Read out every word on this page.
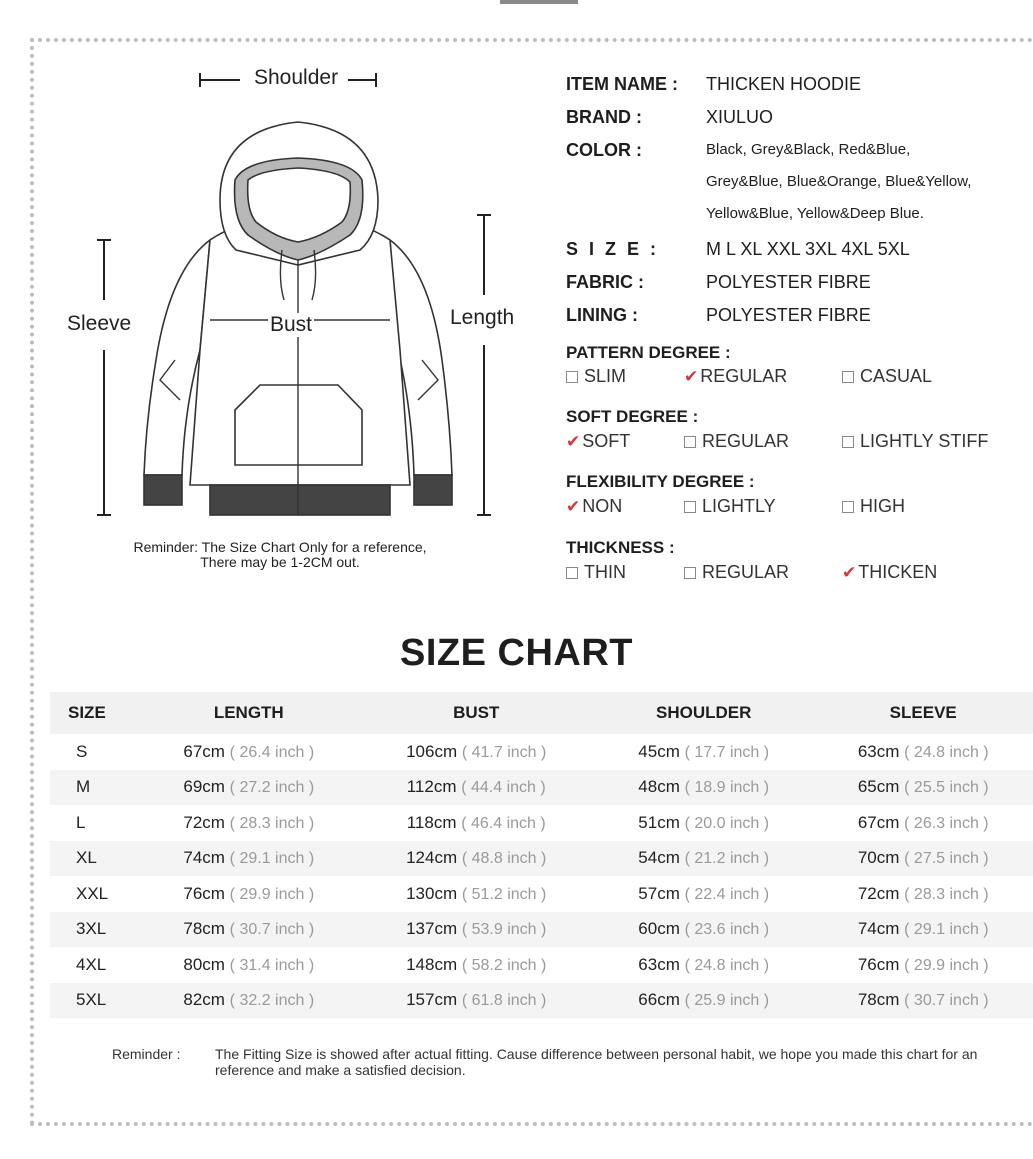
Shoulder
Sleeve	Bust	Length
Reminder: The Size Chart Only for a reference,
There may be 1-2CM out.
ITEM NAME : THICKEN HOODIE
BRAND :	XIULUO
COLOR :	Black, Grey&Black, Red&Blue,
Grey&Blue, Blue&Orange, Blue&Yellow,
Yellow&Blue, Yellow&Deep Blue.
S I Z E :	M L XL XXL 3XL 4XL 5XL
FABRIC :	POLYESTER FIBRE
LINING :	POLYESTER FIBRE
PATTERN DEGREE :
SLIM	✔ REGULAR	CASUAL
SOFT DEGREE :
✔ SOFT	REGULAR	LIGHTLY STIFF
FLEXIBILITY DEGREE :
✔ NON	LIGHTLY	HIGH
THICKNESS :
THIN	REGULAR	✔ THICKEN
SIZE CHART
SIZE	LENGTH	BUST	SHOULDER	SLEEVE
S	67cm ( 26.4 inch )	106cm ( 41.7 inch )	45cm ( 17.7 inch )	63cm ( 24.8 inch )
M	69cm ( 27.2 inch )	112cm ( 44.4 inch )	48cm ( 18.9 inch )	65cm ( 25.5 inch )
L	72cm ( 28.3 inch )	118cm ( 46.4 inch )	51cm ( 20.0 inch )	67cm ( 26.3 inch )
XL	74cm ( 29.1 inch )	124cm ( 48.8 inch )	54cm ( 21.2 inch )	70cm ( 27.5 inch )
XXL	76cm ( 29.9 inch )	130cm ( 51.2 inch )	57cm ( 22.4 inch )	72cm ( 28.3 inch )
3XL	78cm ( 30.7 inch )	137cm ( 53.9 inch )	60cm ( 23.6 inch )	74cm ( 29.1 inch )
4XL	80cm ( 31.4 inch )	148cm ( 58.2 inch )	63cm ( 24.8 inch )	76cm ( 29.9 inch )
5XL	82cm ( 32.2 inch )	157cm ( 61.8 inch )	66cm ( 25.9 inch )	78cm ( 30.7 inch )
Reminder : The Fitting Size is showed after actual fitting. Cause difference between personal habit, we hope you made this chart for an reference and make a satisfied decision.
